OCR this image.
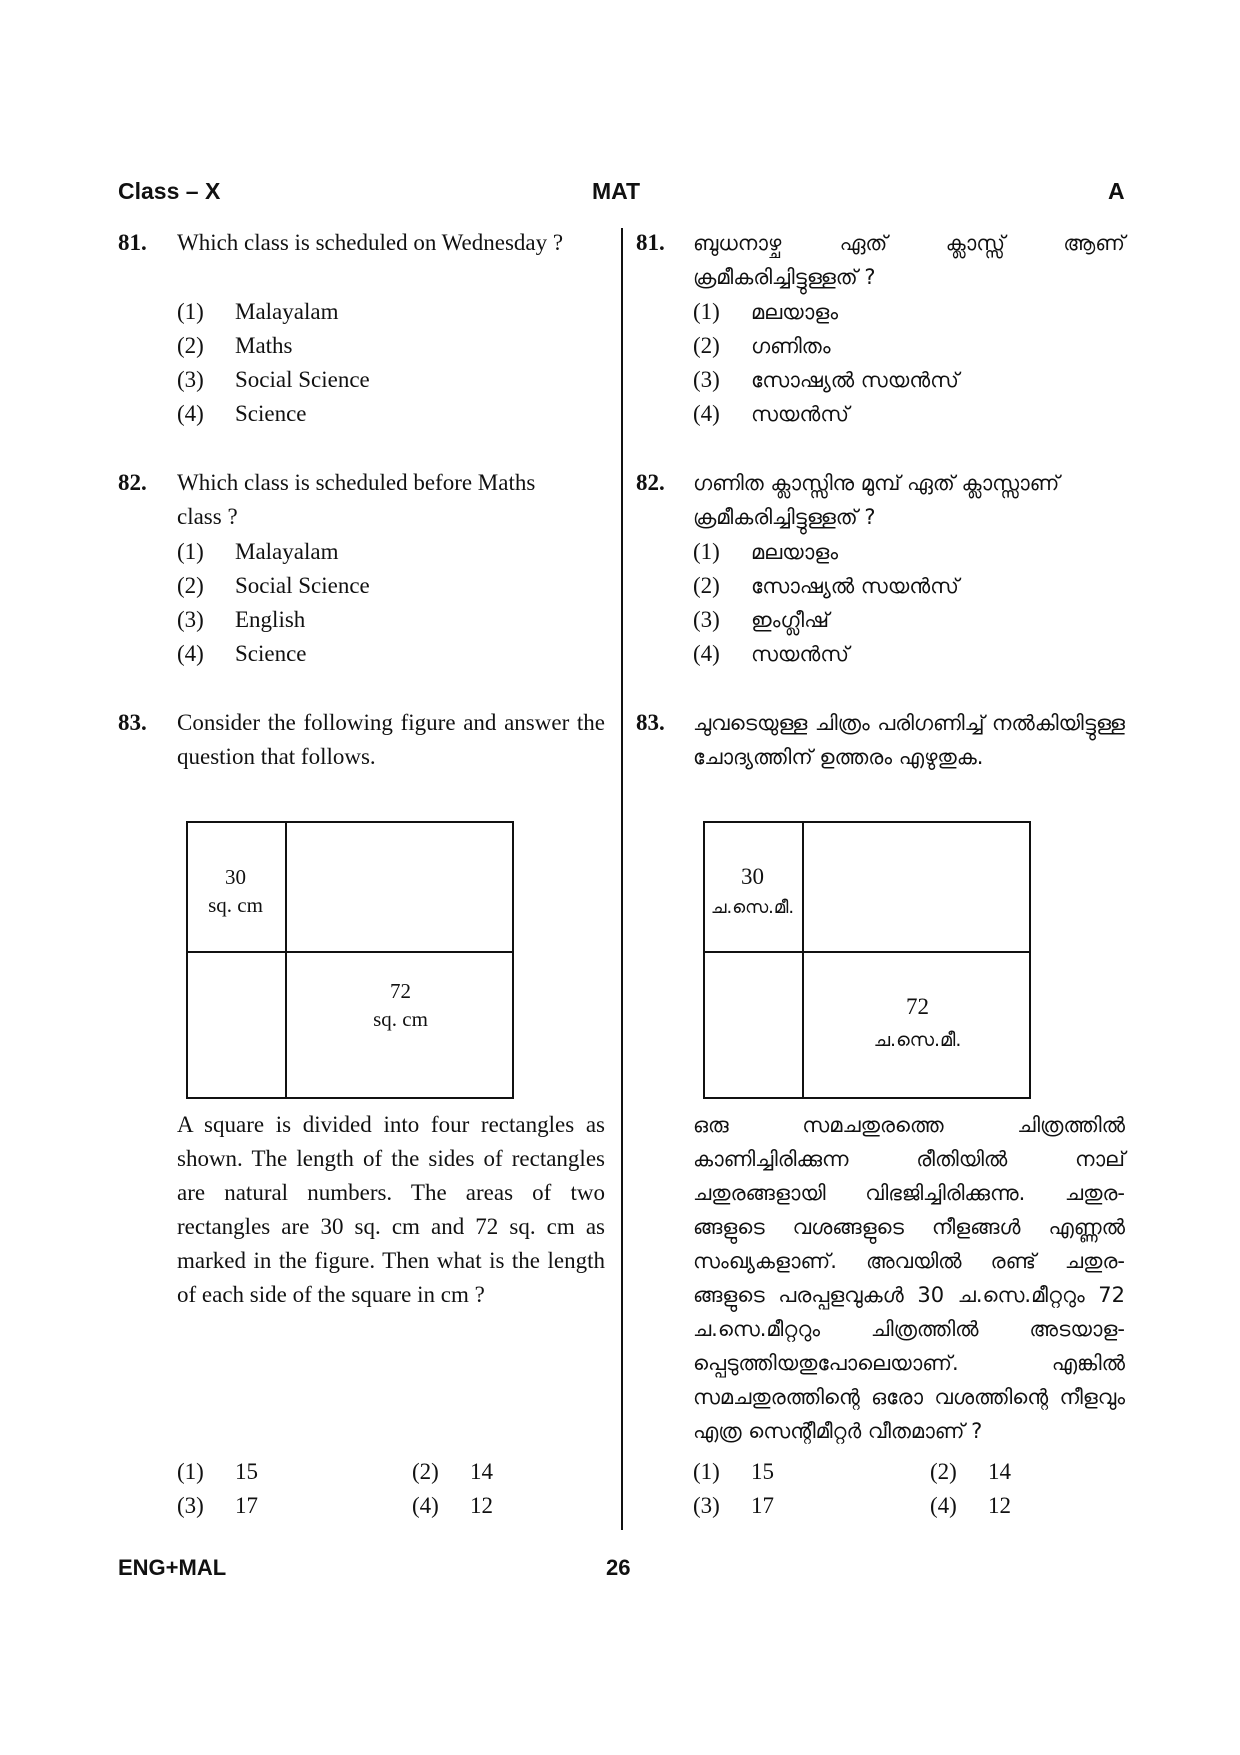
Class – X	MAT	A
81. Which class is scheduled on Wednesday ?
(1) Malayalam
(2) Maths
(3) Social Science
(4) Science
82. Which class is scheduled before Maths
class ?
(1) Malayalam
(2) Social Science
(3) English
(4) Science
83. Consider the following figure and answer the question that follows.
30
sq. cm
72
sq. cm
A square is divided into four rectangles as shown. The length of the sides of rectangles are natural numbers. The areas of two rectangles are 30 sq. cm and 72 sq. cm as marked in the figure. Then what is the length of each side of the square in cm ?
(1) 15	(2) 14
(3) 17	(4) 12
81. ബുധനാഴ്ച	ഏത്	ക്ലാസ്സ്	ആണ്
ക്രമീകരിച്ചിട്ടുള്ളത് ?
(1) മലയാളം
(2) ഗണിതം
(3) സോഷ്യൽ സയൻസ്
(4) സയൻസ്
82. ഗണിത ക്ലാസ്സിനു മുമ്പ് ഏത് ക്ലാസ്സാണ്
ക്രമീകരിച്ചിട്ടുള്ളത് ?
(1) മലയാളം
(2) സോഷ്യൽ സയൻസ്
(3) ഇംഗ്ലീഷ്
(4) സയൻസ്
83. ചുവടെയുള്ള ചിത്രം പരിഗണിച്ച് നൽകിയിട്ടുള്ള ചോദ്യത്തിന് ഉത്തരം എഴുതുക.
30
ച.സെ.മീ.
72
ച.സെ.മീ.
ഒരു സമചതുരത്തെ ചിത്രത്തിൽ കാണിച്ചിരിക്കുന്ന രീതിയിൽ നാല് ചതുരങ്ങളായി വിഭജിച്ചിരിക്കുന്നു. ചതുര-ങ്ങളുടെ വശങ്ങളുടെ നീളങ്ങൾ എണ്ണൽ സംഖ്യകളാണ്. അവയിൽ രണ്ട് ചതുര-ങ്ങളുടെ പരപ്പളവുകൾ 30 ച.സെ.മീറ്ററും 72 ച.സെ.മീറ്ററും ചിത്രത്തിൽ അടയാള-പ്പെടുത്തിയതുപോലെയാണ്. എങ്കിൽ സമചതുരത്തിന്റെ ഒരോ വശത്തിന്റെ നീളവും എത്ര സെന്റീമീറ്റർ വീതമാണ് ?
(1) 15	(2) 14
(3) 17	(4) 12
ENG+MAL	26
